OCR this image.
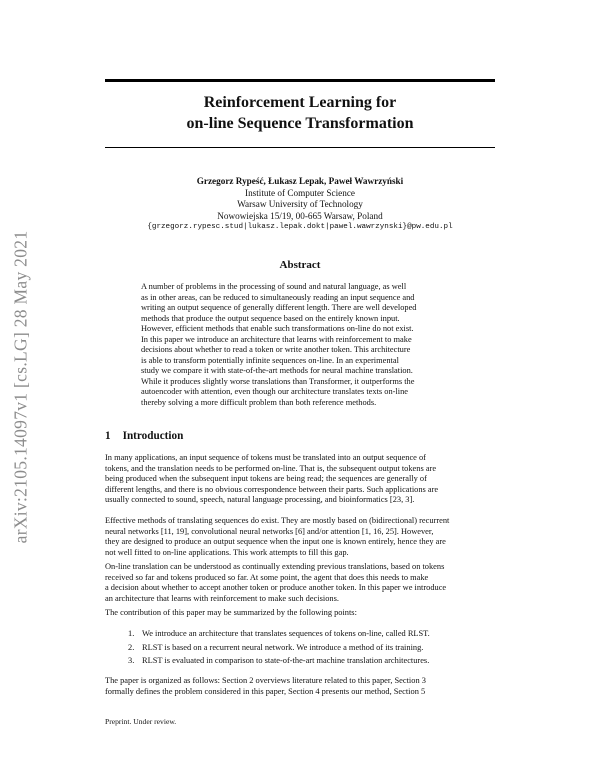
arXiv:2105.14097v1 [cs.LG] 28 May 2021
Reinforcement Learning for
on-line Sequence Transformation
Grzegorz Rypeść, Łukasz Lepak, Paweł Wawrzyński
Institute of Computer Science
Warsaw University of Technology
Nowowiejska 15/19, 00-665 Warsaw, Poland
{grzegorz.rypesc.stud|lukasz.lepak.dokt|pawel.wawrzynski}@pw.edu.pl
Abstract
A number of problems in the processing of sound and natural language, as well
as in other areas, can be reduced to simultaneously reading an input sequence and
writing an output sequence of generally different length. There are well developed
methods that produce the output sequence based on the entirely known input.
However, efficient methods that enable such transformations on-line do not exist.
In this paper we introduce an architecture that learns with reinforcement to make
decisions about whether to read a token or write another token. This architecture
is able to transform potentially infinite sequences on-line. In an experimental
study we compare it with state-of-the-art methods for neural machine translation.
While it produces slightly worse translations than Transformer, it outperforms the
autoencoder with attention, even though our architecture translates texts on-line
thereby solving a more difficult problem than both reference methods.
1 Introduction
In many applications, an input sequence of tokens must be translated into an output sequence of
tokens, and the translation needs to be performed on-line. That is, the subsequent output tokens are
being produced when the subsequent input tokens are being read; the sequences are generally of
different lengths, and there is no obvious correspondence between their parts. Such applications are
usually connected to sound, speech, natural language processing, and bioinformatics [23, 3].
Effective methods of translating sequences do exist. They are mostly based on (bidirectional) recurrent
neural networks [11, 19], convolutional neural networks [6] and/or attention [1, 16, 25]. However,
they are designed to produce an output sequence when the input one is known entirely, hence they are
not well fitted to on-line applications. This work attempts to fill this gap.
On-line translation can be understood as continually extending previous translations, based on tokens
received so far and tokens produced so far. At some point, the agent that does this needs to make
a decision about whether to accept another token or produce another token. In this paper we introduce
an architecture that learns with reinforcement to make such decisions.
The contribution of this paper may be summarized by the following points:
1. We introduce an architecture that translates sequences of tokens on-line, called RLST.
2. RLST is based on a recurrent neural network. We introduce a method of its training.
3. RLST is evaluated in comparison to state-of-the-art machine translation architectures.
The paper is organized as follows: Section 2 overviews literature related to this paper, Section 3
formally defines the problem considered in this paper, Section 4 presents our method, Section 5
Preprint. Under review.
